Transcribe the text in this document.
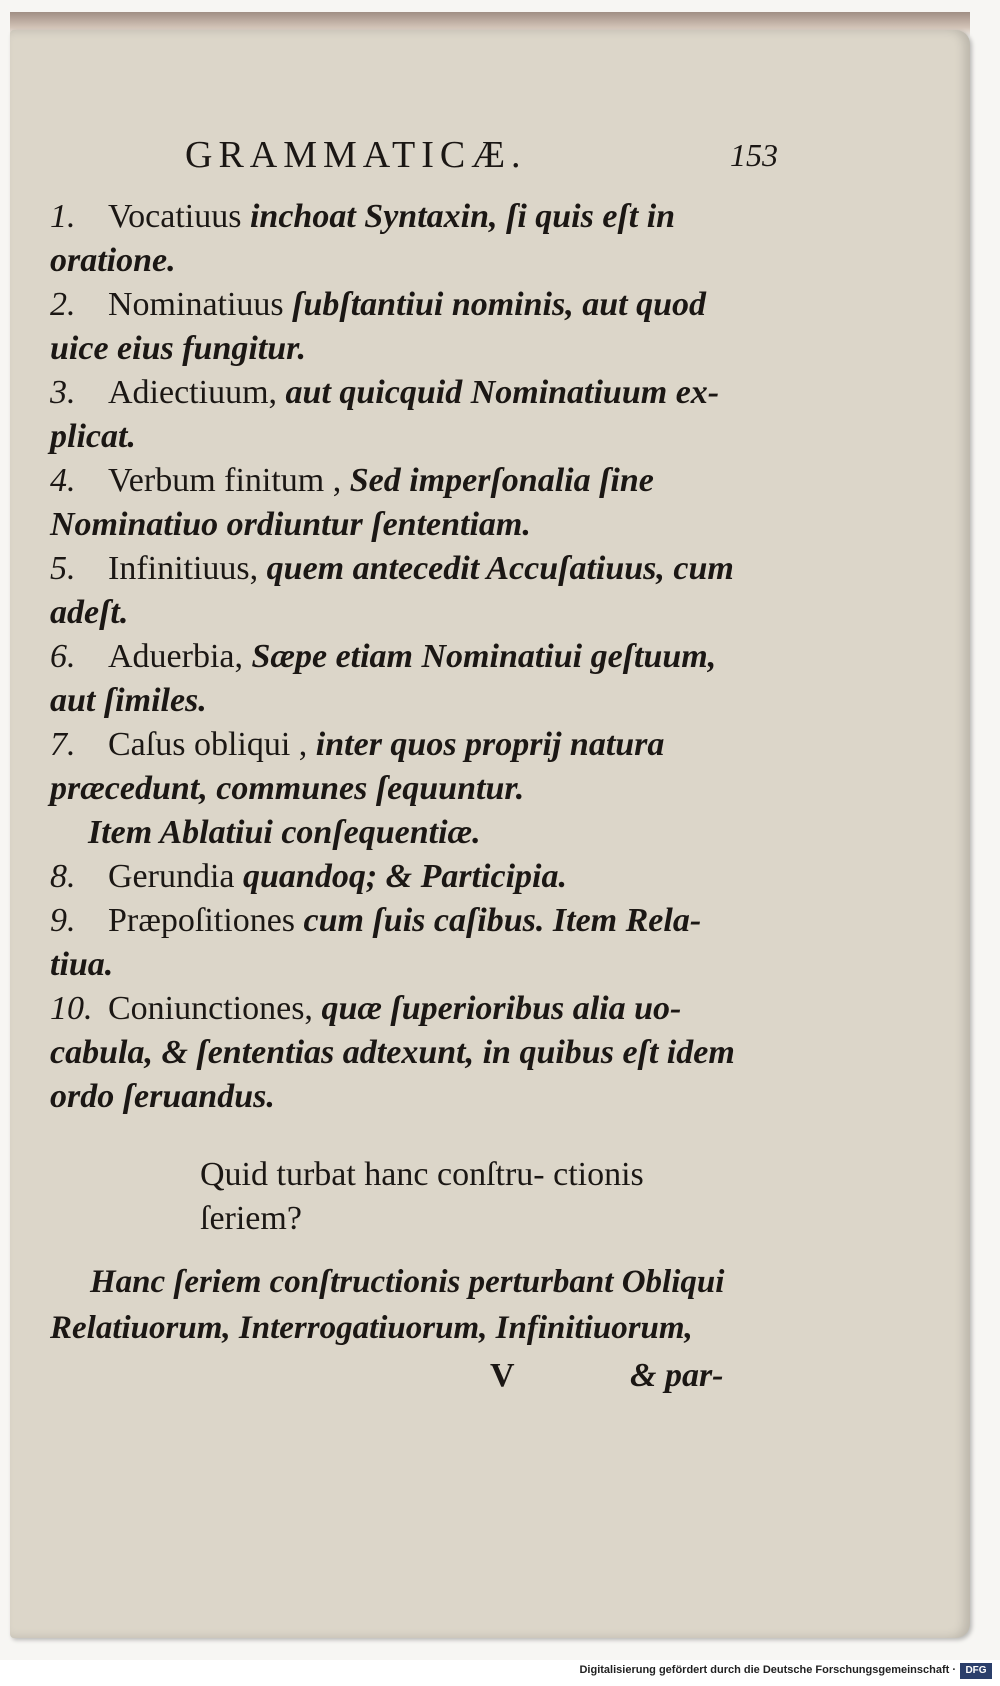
GRAMMATICÆ.	153
1. Vocatiuus inchoat Syntaxin, ſi quis eſt in
oratione.
2. Nominatiuus ſubſtantiui nominis, aut quod
uice eius fungitur.
3. Adiectiuum, aut quicquid Nominatiuum ex-
plicat.
4. Verbum finitum , Sed imperſonalia ſine
Nominatiuo ordiuntur ſententiam.
5. Infinitiuus, quem antecedit Accuſatiuus, cum
adeſt.
6. Aduerbia, Sæpe etiam Nominatiui geſtuum,
aut ſimiles.
7. Caſus obliqui , inter quos proprij natura
præcedunt, communes ſequuntur.
Item Ablatiui conſequentiæ.
8. Gerundia quandoq; & Participia.
9. Præpoſitiones cum ſuis caſibus. Item Rela-
tiua.
10. Coniunctiones, quæ ſuperioribus alia uo-
cabula, & ſententias adtexunt, in quibus eſt idem
ordo ſeruandus.
Quid turbat hanc conſtru- ctionis ſeriem?
Hanc ſeriem conſtructionis perturbant Obliqui
Relatiuorum, Interrogatiuorum, Infinitiuorum,
V	& par-
Digitalisierung gefördert durch die Deutsche Forschungsgemeinschaft · DFG
